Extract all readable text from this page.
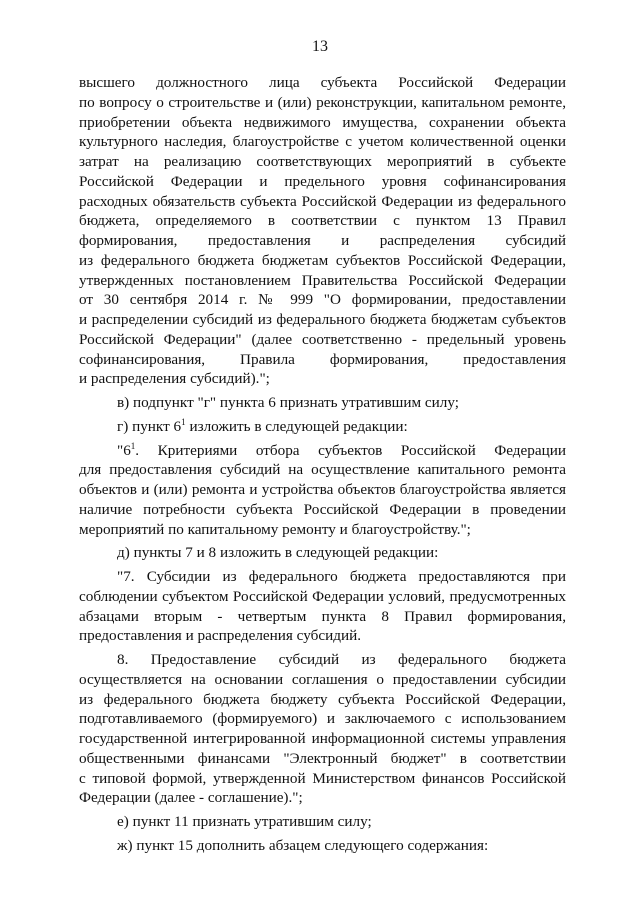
13
высшего должностного лица субъекта Российской Федерации
по вопросу о строительстве и (или) реконструкции, капитальном ремонте,
приобретении объекта недвижимого имущества, сохранении объекта
культурного наследия, благоустройстве с учетом количественной оценки
затрат на реализацию соответствующих мероприятий в субъекте
Российской Федерации и предельного уровня софинансирования
расходных обязательств субъекта Российской Федерации из федерального
бюджета, определяемого в соответствии с пунктом 13 Правил
формирования, предоставления и распределения субсидий
из федерального бюджета бюджетам субъектов Российской Федерации,
утвержденных постановлением Правительства Российской Федерации
от 30 сентября 2014 г. № 999 "О формировании, предоставлении
и распределении субсидий из федерального бюджета бюджетам субъектов
Российской Федерации" (далее соответственно - предельный уровень
софинансирования, Правила формирования, предоставления
и распределения субсидий).";
в) подпункт "г" пункта 6 признать утратившим силу;
г) пункт $6^1$ изложить в следующей редакции:
"$6^1$. Критериями отбора субъектов Российской Федерации
для предоставления субсидий на осуществление капитального ремонта
объектов и (или) ремонта и устройства объектов благоустройства является
наличие потребности субъекта Российской Федерации в проведении
мероприятий по капитальному ремонту и благоустройству.";
д) пункты 7 и 8 изложить в следующей редакции:
"7. Субсидии из федерального бюджета предоставляются при
соблюдении субъектом Российской Федерации условий, предусмотренных
абзацами вторым - четвертым пункта 8 Правил формирования,
предоставления и распределения субсидий.
8. Предоставление субсидий из федерального бюджета
осуществляется на основании соглашения о предоставлении субсидии
из федерального бюджета бюджету субъекта Российской Федерации,
подготавливаемого (формируемого) и заключаемого с использованием
государственной интегрированной информационной системы управления
общественными финансами "Электронный бюджет" в соответствии
с типовой формой, утвержденной Министерством финансов Российской
Федерации (далее - соглашение).";
е) пункт 11 признать утратившим силу;
ж) пункт 15 дополнить абзацем следующего содержания:
